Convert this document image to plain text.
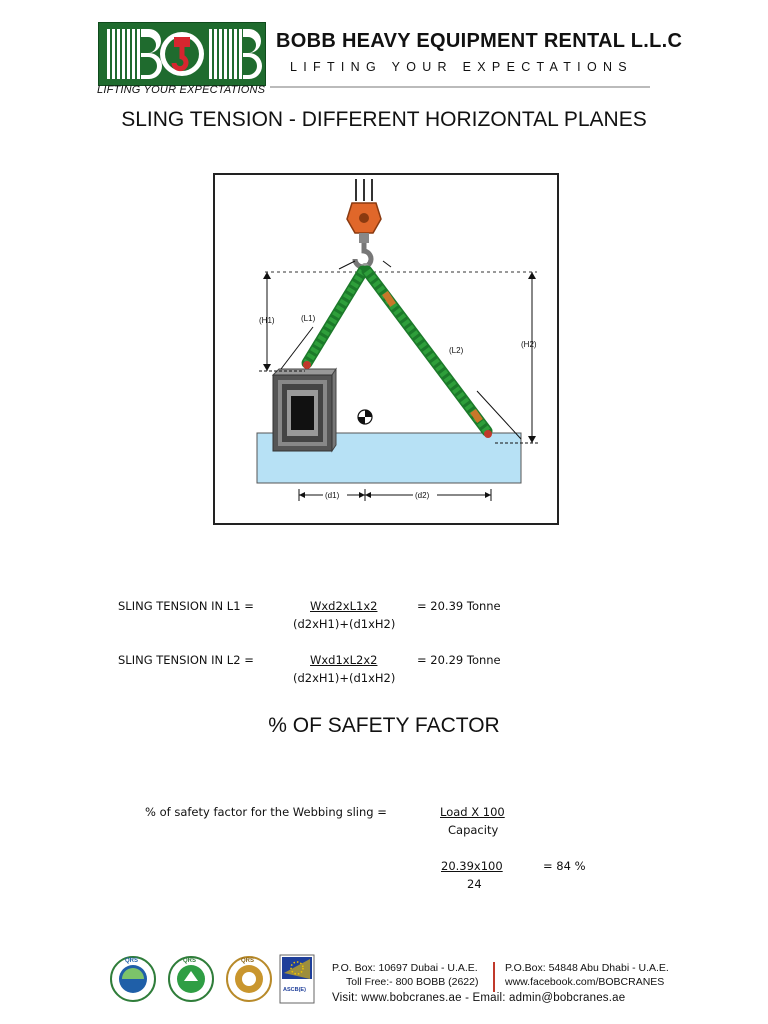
LIFTING YOUR EXPECTATIONS
BOBB HEAVY EQUIPMENT RENTAL L.L.C
LIFTING YOUR EXPECTATIONS
SLING TENSION - DIFFERENT HORIZONTAL PLANES
(H1)
(H2)
(L1)
(L2)
(d1)	(d2)
SLING TENSION IN L1 =	Wxd2xL1x2
(d2xH1)+(d1xH2)
= 20.39 Tonne
SLING TENSION IN L2 =	Wxd1xL2x2
(d2xH1)+(d1xH2)
= 20.29 Tonne
% OF SAFETY FACTOR
% of safety factor for the Webbing sling =	Load X 100
Capacity
20.39x100
24
= 84 %
QRS	QRS	QRS
ASCB(E)
P.O. Box: 10697 Dubai - U.A.E.
Toll Free:- 800 BOBB (2622)
P.O.Box: 54848 Abu Dhabi - U.A.E.
www.facebook.com/BOBCRANES
Visit: www.bobcranes.ae - Email: admin@bobcranes.ae
